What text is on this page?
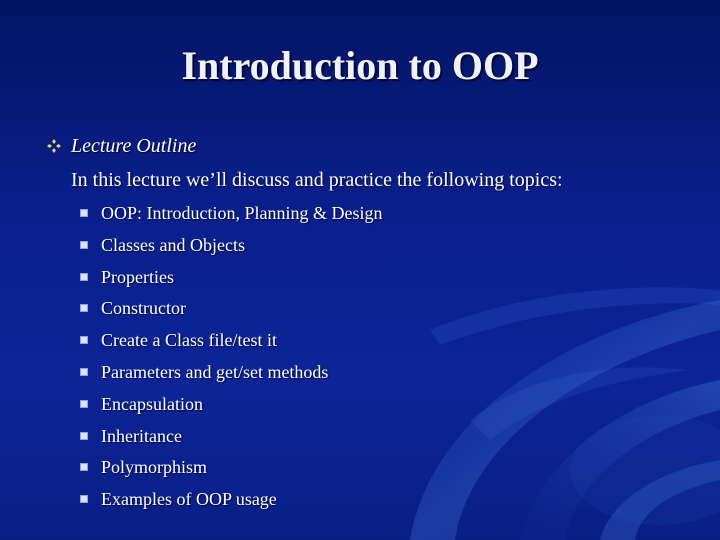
Introduction to OOP
Lecture Outline
In this lecture we’ll discuss and practice the following topics:
OOP: Introduction, Planning & Design
Classes and Objects
Properties
Constructor
Create a Class file/test it
Parameters and get/set methods
Encapsulation
Inheritance
Polymorphism
Examples of OOP usage
